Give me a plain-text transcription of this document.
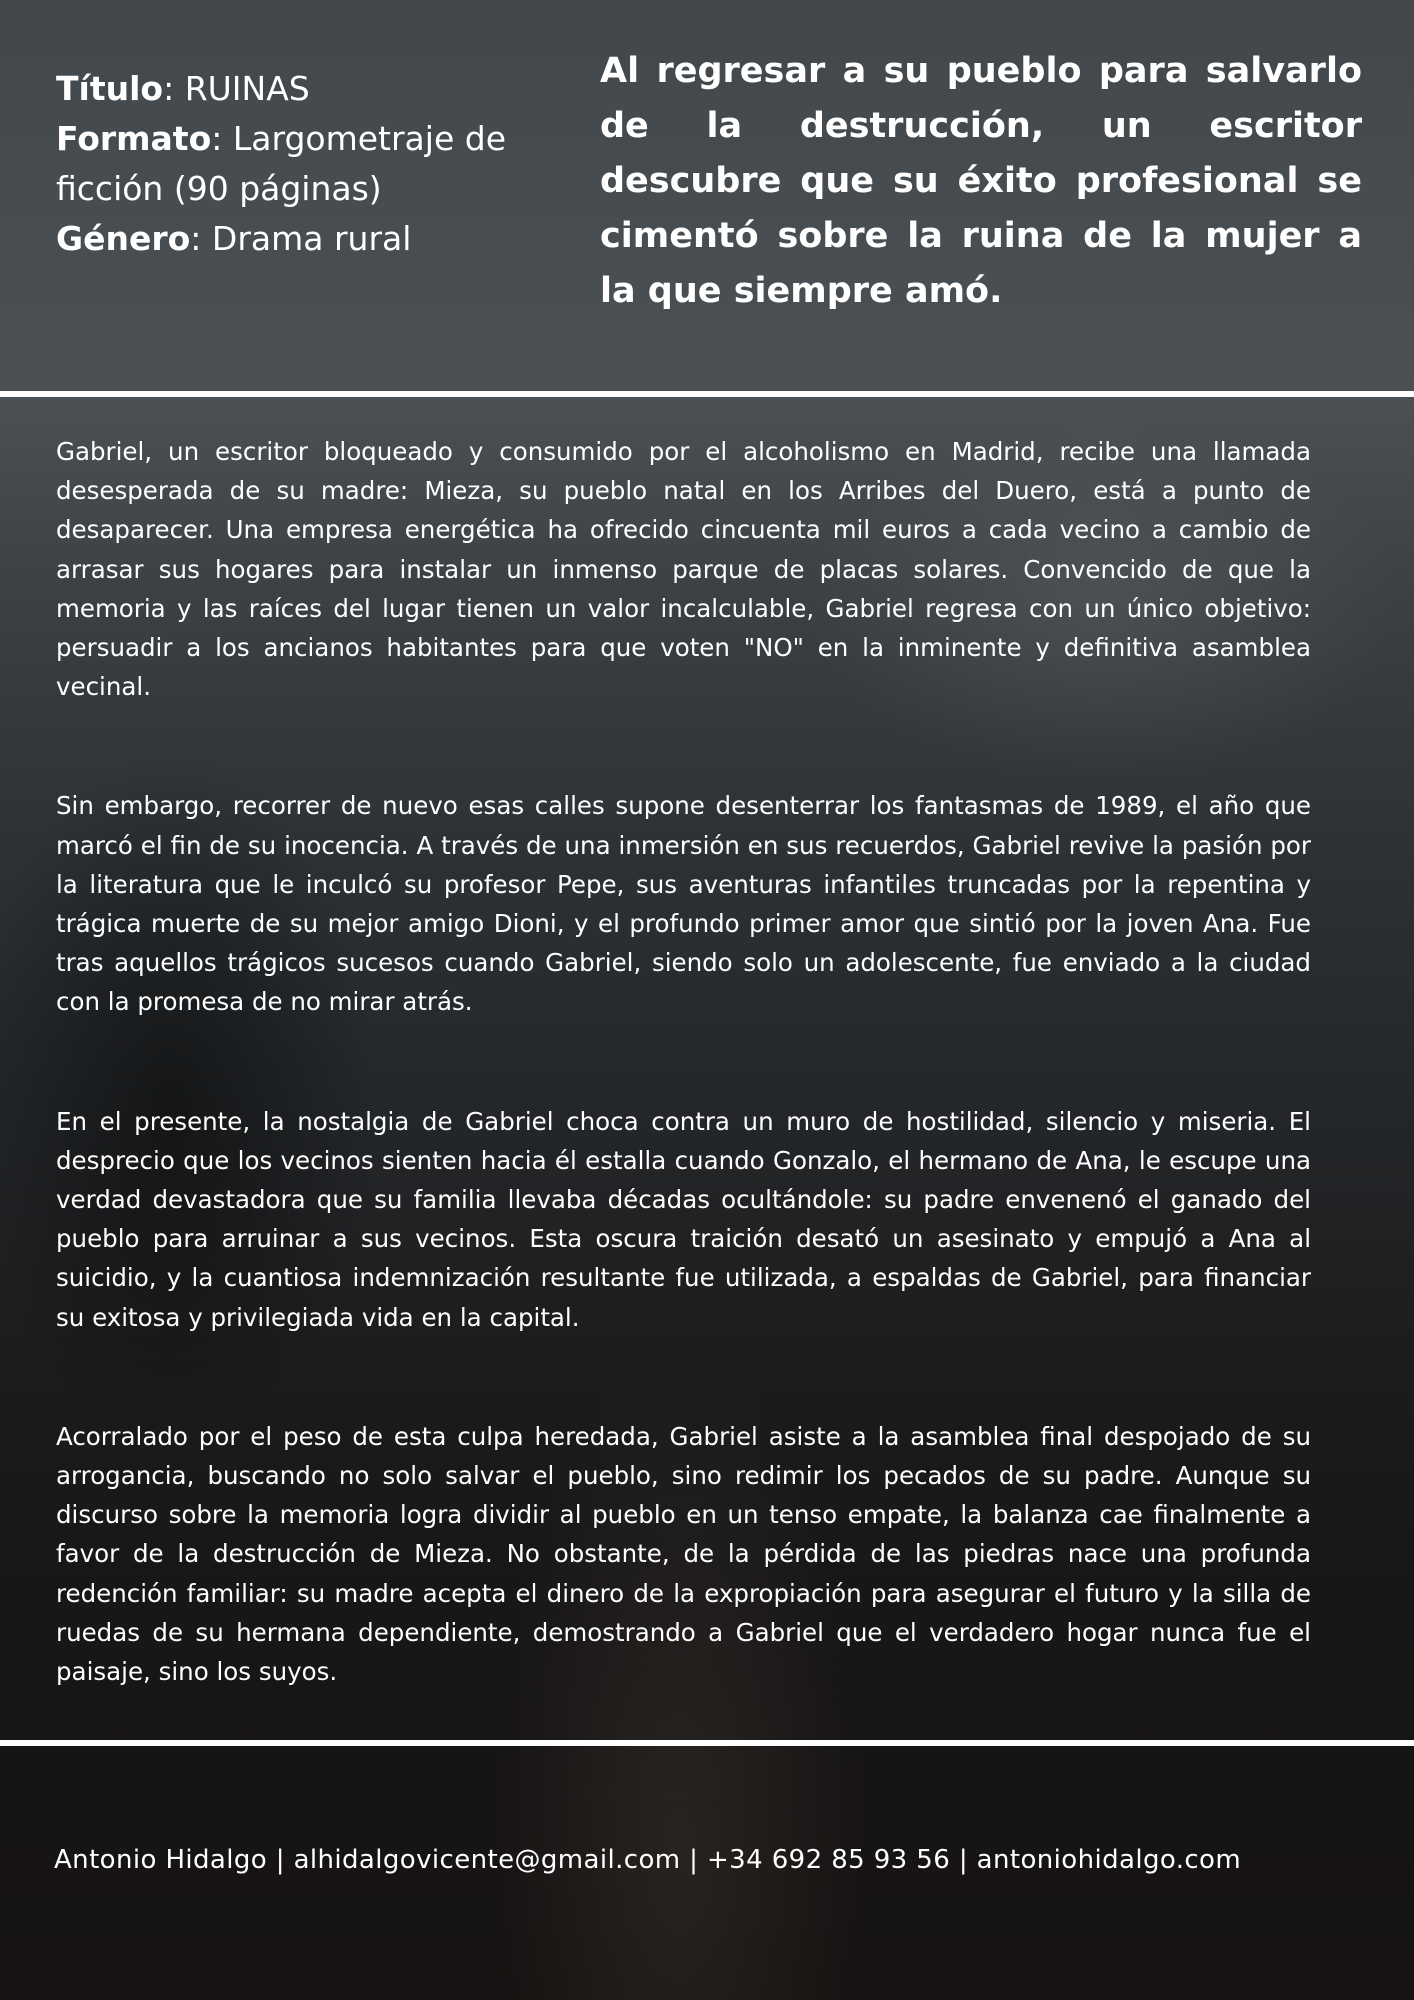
Título: RUINAS
Formato: Largometraje de ficción (90 páginas)
Género: Drama rural
Al regresar a su pueblo para salvarlo de la destrucción, un escritor descubre que su éxito profesional se cimentó sobre la ruina de la mujer a la que siempre amó.

Gabriel, un escritor bloqueado y consumido por el alcoholismo en Madrid, recibe una llamada desesperada de su madre: Mieza, su pueblo natal en los Arribes del Duero, está a punto de desaparecer. Una empresa energética ha ofrecido cincuenta mil euros a cada vecino a cambio de arrasar sus hogares para instalar un inmenso parque de placas solares. Convencido de que la memoria y las raíces del lugar tienen un valor incalculable, Gabriel regresa con un único objetivo: persuadir a los ancianos habitantes para que voten "NO" en la inminente y definitiva asamblea vecinal.

Sin embargo, recorrer de nuevo esas calles supone desenterrar los fantasmas de 1989, el año que marcó el fin de su inocencia. A través de una inmersión en sus recuerdos, Gabriel revive la pasión por la literatura que le inculcó su profesor Pepe, sus aventuras infantiles truncadas por la repentina y trágica muerte de su mejor amigo Dioni, y el profundo primer amor que sintió por la joven Ana. Fue tras aquellos trágicos sucesos cuando Gabriel, siendo solo un adolescente, fue enviado a la ciudad con la promesa de no mirar atrás.

En el presente, la nostalgia de Gabriel choca contra un muro de hostilidad, silencio y miseria. El desprecio que los vecinos sienten hacia él estalla cuando Gonzalo, el hermano de Ana, le escupe una verdad devastadora que su familia llevaba décadas ocultándole: su padre envenenó el ganado del pueblo para arruinar a sus vecinos. Esta oscura traición desató un asesinato y empujó a Ana al suicidio, y la cuantiosa indemnización resultante fue utilizada, a espaldas de Gabriel, para financiar su exitosa y privilegiada vida en la capital.

Acorralado por el peso de esta culpa heredada, Gabriel asiste a la asamblea final despojado de su arrogancia, buscando no solo salvar el pueblo, sino redimir los pecados de su padre. Aunque su discurso sobre la memoria logra dividir al pueblo en un tenso empate, la balanza cae finalmente a favor de la destrucción de Mieza. No obstante, de la pérdida de las piedras nace una profunda redención familiar: su madre acepta el dinero de la expropiación para asegurar el futuro y la silla de ruedas de su hermana dependiente, demostrando a Gabriel que el verdadero hogar nunca fue el paisaje, sino los suyos.

Antonio Hidalgo | alhidalgovicente@gmail.com | +34 692 85 93 56 | antoniohidalgo.com
